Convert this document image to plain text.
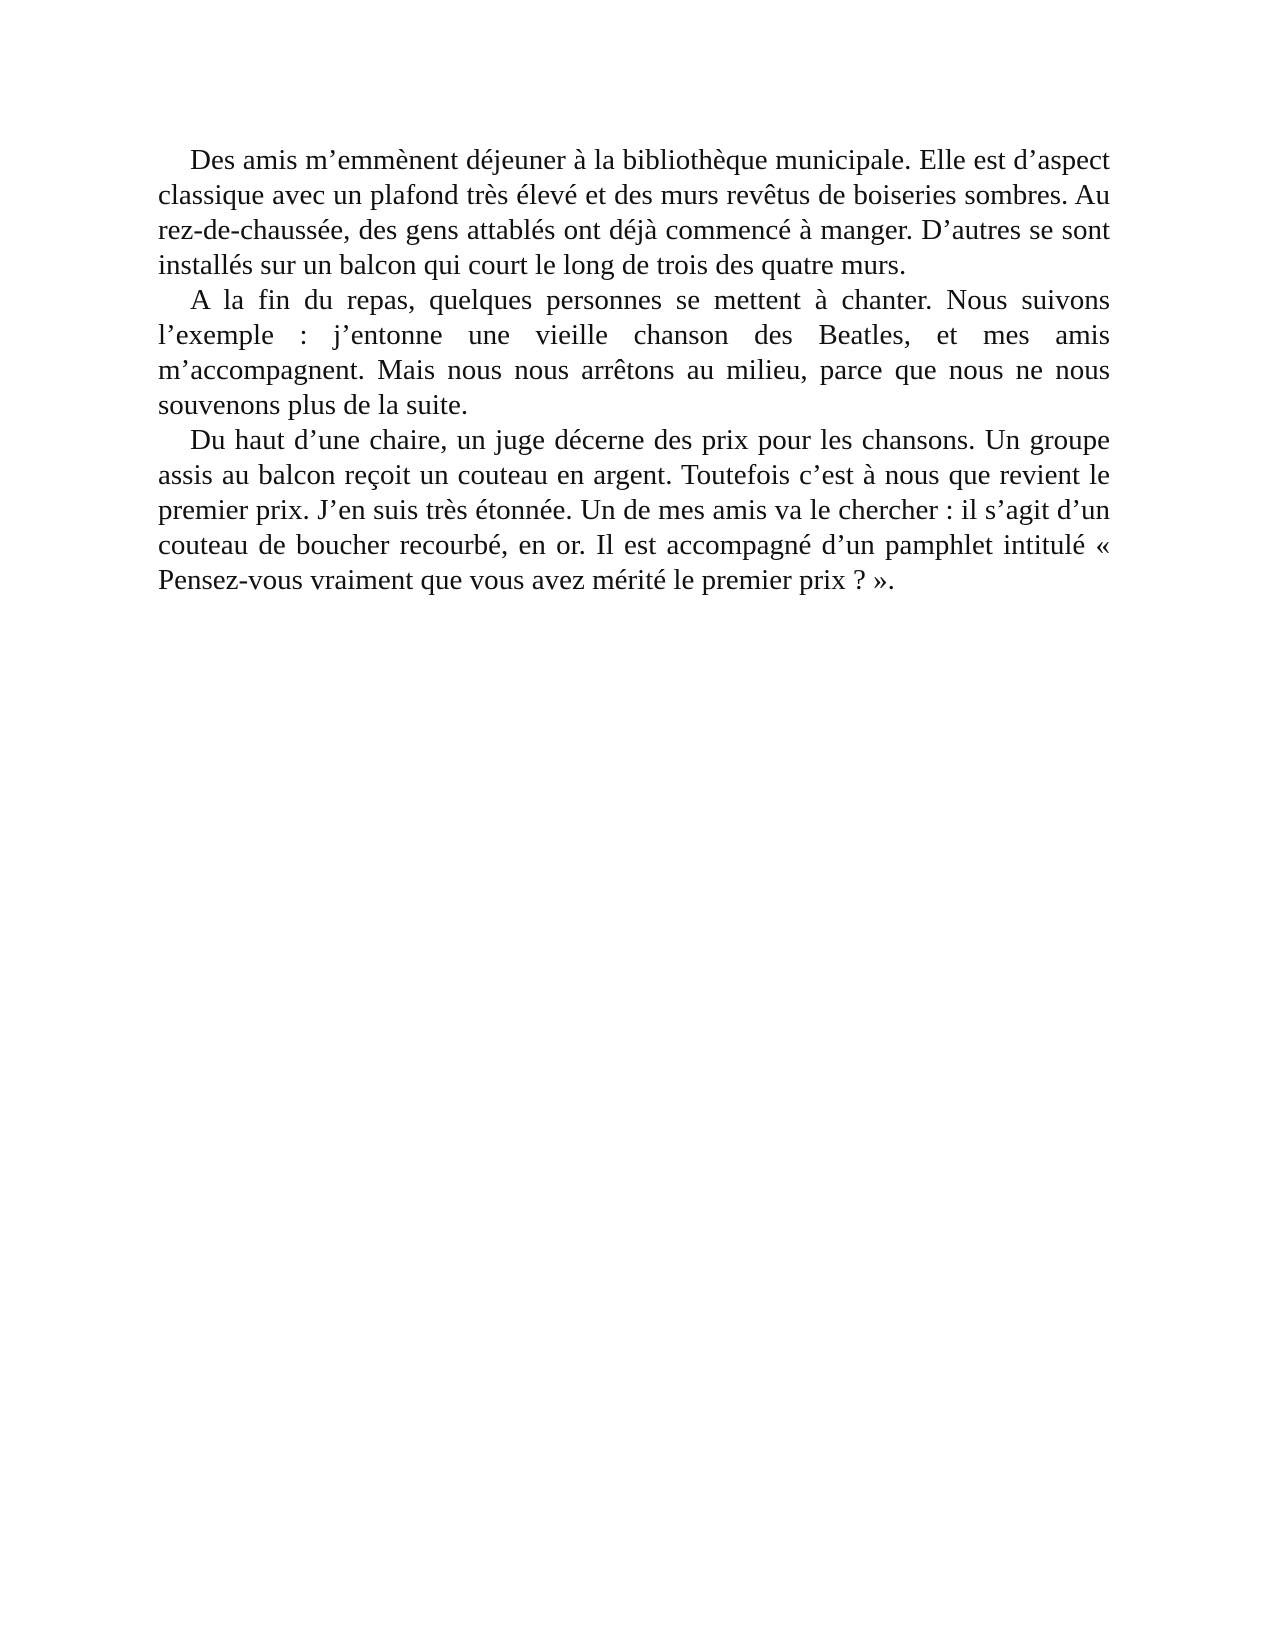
Des amis m’emmènent déjeuner à la bibliothèque municipale. Elle est d’aspect classique avec un plafond très élevé et des murs revêtus de boiseries sombres. Au rez-de-chaussée, des gens attablés ont déjà commencé à manger. D’autres se sont installés sur un balcon qui court le long de trois des quatre murs.

A la fin du repas, quelques personnes se mettent à chanter. Nous suivons l’exemple : j’entonne une vieille chanson des Beatles, et mes amis m’accompagnent. Mais nous nous arrêtons au milieu, parce que nous ne nous souvenons plus de la suite.

Du haut d’une chaire, un juge décerne des prix pour les chansons. Un groupe assis au balcon reçoit un couteau en argent. Toutefois c’est à nous que revient le premier prix. J’en suis très étonnée. Un de mes amis va le chercher : il s’agit d’un couteau de boucher recourbé, en or. Il est accompagné d’un pamphlet intitulé « Pensez-vous vraiment que vous avez mérité le premier prix ? ».
